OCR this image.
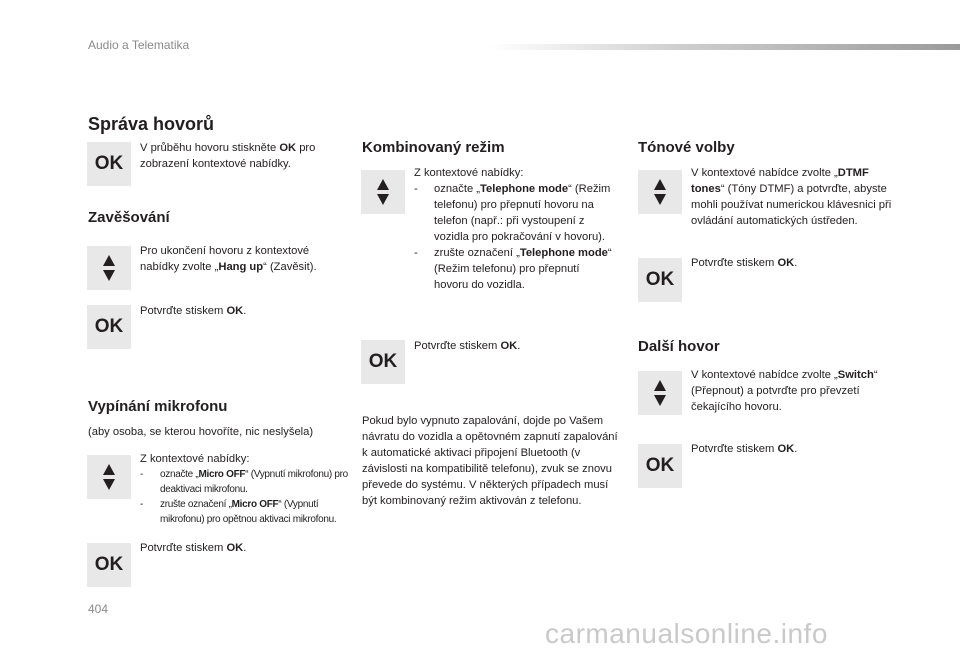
Audio a Telematika
Správa hovorů
OK
V průběhu hovoru stiskněte OK pro zobrazení kontextové nabídky.
Zavěšování
Pro ukončení hovoru z kontextové nabídky zvolte „Hang up“ (Zavěsit).
OK
Potvrďte stiskem OK.
Vypínání mikrofonu
(aby osoba, se kterou hovoříte, nic neslyšela)
Z kontextové nabídky:
- označte „Micro OFF“ (Vypnutí mikrofonu) pro deaktivaci mikrofonu.
- zrušte označení „Micro OFF“ (Vypnutí mikrofonu) pro opětnou aktivaci mikrofonu.
OK
Potvrďte stiskem OK.
Kombinovaný režim
Z kontextové nabídky:
- označte „Telephone mode“ (Režim telefonu) pro přepnutí hovoru na telefon (např.: při vystoupení z vozidla pro pokračování v hovoru).
- zrušte označení „Telephone mode“ (Režim telefonu) pro přepnutí hovoru do vozidla.
OK
Potvrďte stiskem OK.
Pokud bylo vypnuto zapalování, dojde po Vašem návratu do vozidla a opětovném zapnutí zapalování k automatické aktivaci připojení Bluetooth (v závislosti na kompatibilitě telefonu), zvuk se znovu převede do systému. V některých případech musí být kombinovaný režim aktivován z telefonu.
Tónové volby
V kontextové nabídce zvolte „DTMF tones“ (Tóny DTMF) a potvrďte, abyste mohli používat numerickou klávesnici při ovládání automatických ústředen.
OK
Potvrďte stiskem OK.
Další hovor
V kontextové nabídce zvolte „Switch“ (Přepnout) a potvrďte pro převzetí čekajícího hovoru.
OK
Potvrďte stiskem OK.
404
carmanualsonline.info
